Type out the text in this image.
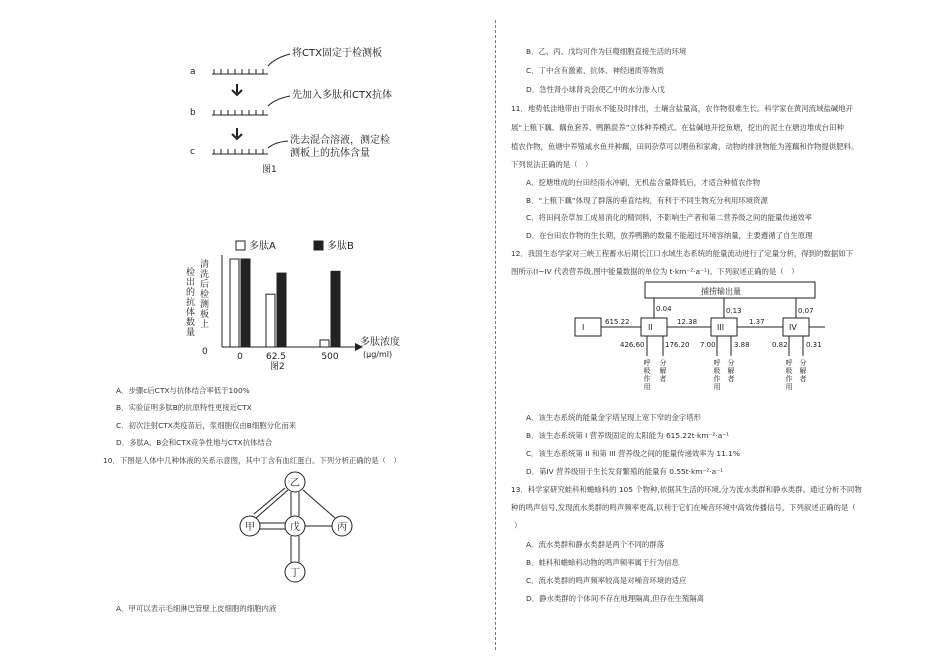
a
将CTX固定于检测板
b
先加入多肽和CTX抗体
c
洗去混合溶液，测定检
测板上的抗体含量
图1
检
出
的
抗
体
数
量
清
洗
后
检
测
板
上
多肽A	多肽B
0	0	62.5	500
多肽浓度
(μg/ml)
图2
A．步骤c后CTX与抗体结合率低于100%
B．实验证明多肽B的抗原特性更接近CTX
C．初次注射CTX类疫苗后，浆细胞仅由B细胞分化而来
D．多肽A、B会和CTX竞争性地与CTX抗体结合
10．下图是人体中几种体液的关系示意图，其中丁含有血红蛋白。下列分析正确的是（　）
乙
甲	戊	丙
丁
A．甲可以表示毛细淋巴管壁上皮细胞的细胞内液
B．乙、丙、戊均可作为巨噬细胞直接生活的环境
C．丁中含有激素、抗体、神经递质等物质
D．急性肾小球肾炎会使乙中的水分渗入戊
11．地势低洼地带由于雨水不能及时排出，土壤含盐量高，农作物很难生长。科学家在黄河流域盐碱地开
展“上粮下藕、藕鱼套养、鸭鹅混养”立体种养模式。在盐碱地开挖鱼塘，挖出的泥土在塘边堆成台田种
植农作物，鱼塘中养殖咸水鱼并种藕，田间杂草可以喂鱼和家禽，动物的排泄物能为莲藕和作物提供肥料。
下列说法正确的是（　）
A．挖塘堆成的台田经雨水冲刷，无机盐含量降低后，才适合种植农作物
B．“上粮下藕”体现了群落的垂直结构，有利于不同生物充分利用环境资源
C．将田间杂草加工成易消化的精饲料，不影响生产者和第二营养级之间的能量传递效率
D．在台田农作物的生长期，放养鸭鹅的数量不能超过环境容纳量，主要遵循了自生原理
12．我国生态学家对三峡工程蓄水后期长江口水域生态系统的能量流动进行了定量分析，得到的数据如下
图所示(I~IV 代表营养级,图中能量数据的单位为 t·km⁻²·a⁻¹)。下列叙述正确的是（　）
I	II	III	IV
捕捞输出量
615.22	12.38	1.37
0.04	0.13	0.07
426.60	176.20 7.00	3.88	0.82	0.31
呼
吸
作
用
分
解
者
呼
吸
作
用
分
解
者
呼
吸
作
用
分
解
者
A．该生态系统的能量金字塔呈现上宽下窄的金字塔形
B．该生态系统第 I 营养级固定的太阳能为 615.22t·km⁻²·a⁻¹
C．该生态系统第 II 和第 III 营养级之间的能量传递效率为 11.1%
D．第IV 营养级用于生长发育繁殖的能量有 0.55t·km⁻²·a⁻¹
13．科学家研究蛙科和蟾蜍科的 105 个物种,依据其生活的环境,分为流水类群和静水类群。通过分析不同物
种的鸣声信号,发现流水类群的鸣声频率更高,以利于它们在噪音环境中高效传播信号。下列叙述正确的是（
）
A．流水类群和静水类群是两个不同的群落
B．蛙科和蟾蜍科动物的鸣声频率属于行为信息
C．流水类群的鸣声频率较高是对噪音环境的适应
D．静水类群的个体间不存在地理隔离,但存在生殖隔离
